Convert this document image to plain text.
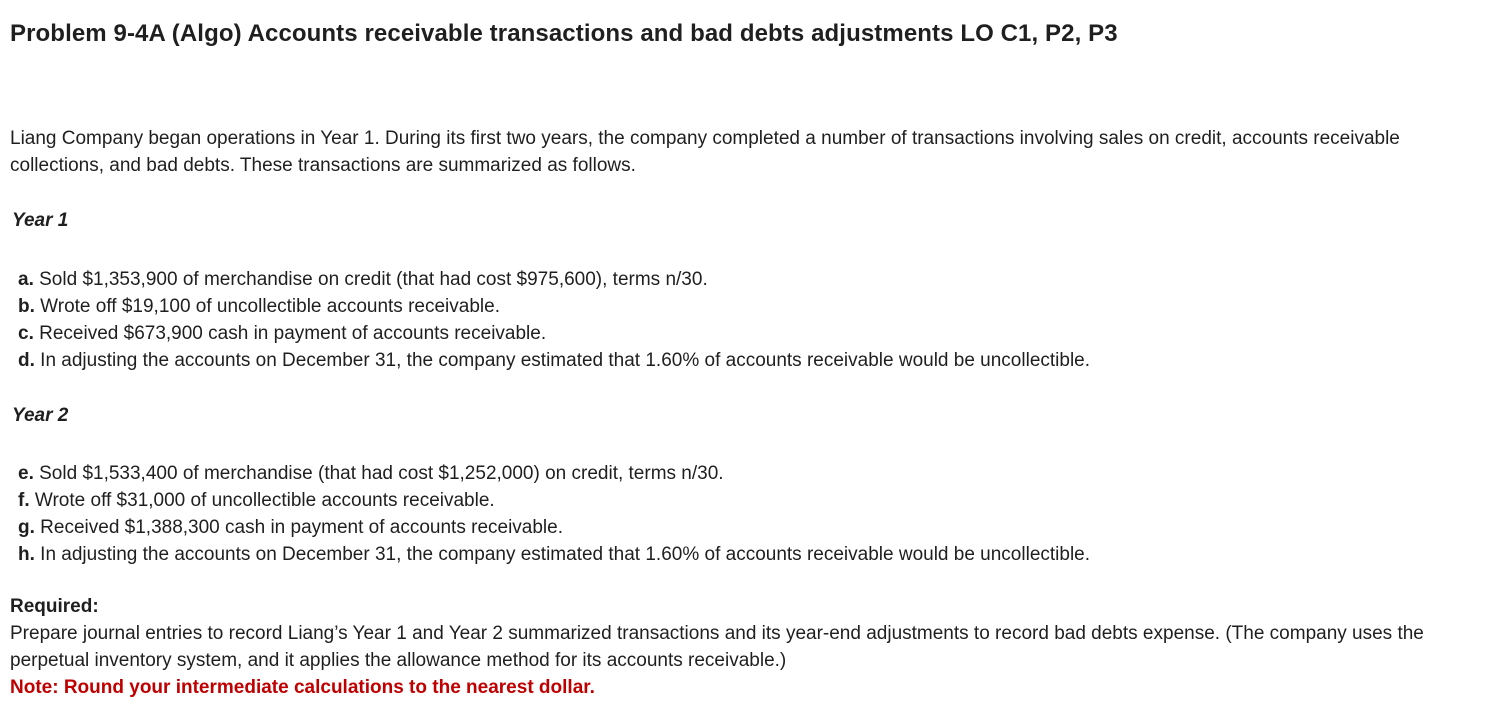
Problem 9-4A (Algo) Accounts receivable transactions and bad debts adjustments LO C1, P2, P3
Liang Company began operations in Year 1. During its first two years, the company completed a number of transactions involving sales on credit, accounts receivable collections, and bad debts. These transactions are summarized as follows.
Year 1
a. Sold $1,353,900 of merchandise on credit (that had cost $975,600), terms n/30.
b. Wrote off $19,100 of uncollectible accounts receivable.
c. Received $673,900 cash in payment of accounts receivable.
d. In adjusting the accounts on December 31, the company estimated that 1.60% of accounts receivable would be uncollectible.
Year 2
e. Sold $1,533,400 of merchandise (that had cost $1,252,000) on credit, terms n/30.
f. Wrote off $31,000 of uncollectible accounts receivable.
g. Received $1,388,300 cash in payment of accounts receivable.
h. In adjusting the accounts on December 31, the company estimated that 1.60% of accounts receivable would be uncollectible.
Required:
Prepare journal entries to record Liang’s Year 1 and Year 2 summarized transactions and its year-end adjustments to record bad debts expense. (The company uses the perpetual inventory system, and it applies the allowance method for its accounts receivable.)
Note: Round your intermediate calculations to the nearest dollar.
